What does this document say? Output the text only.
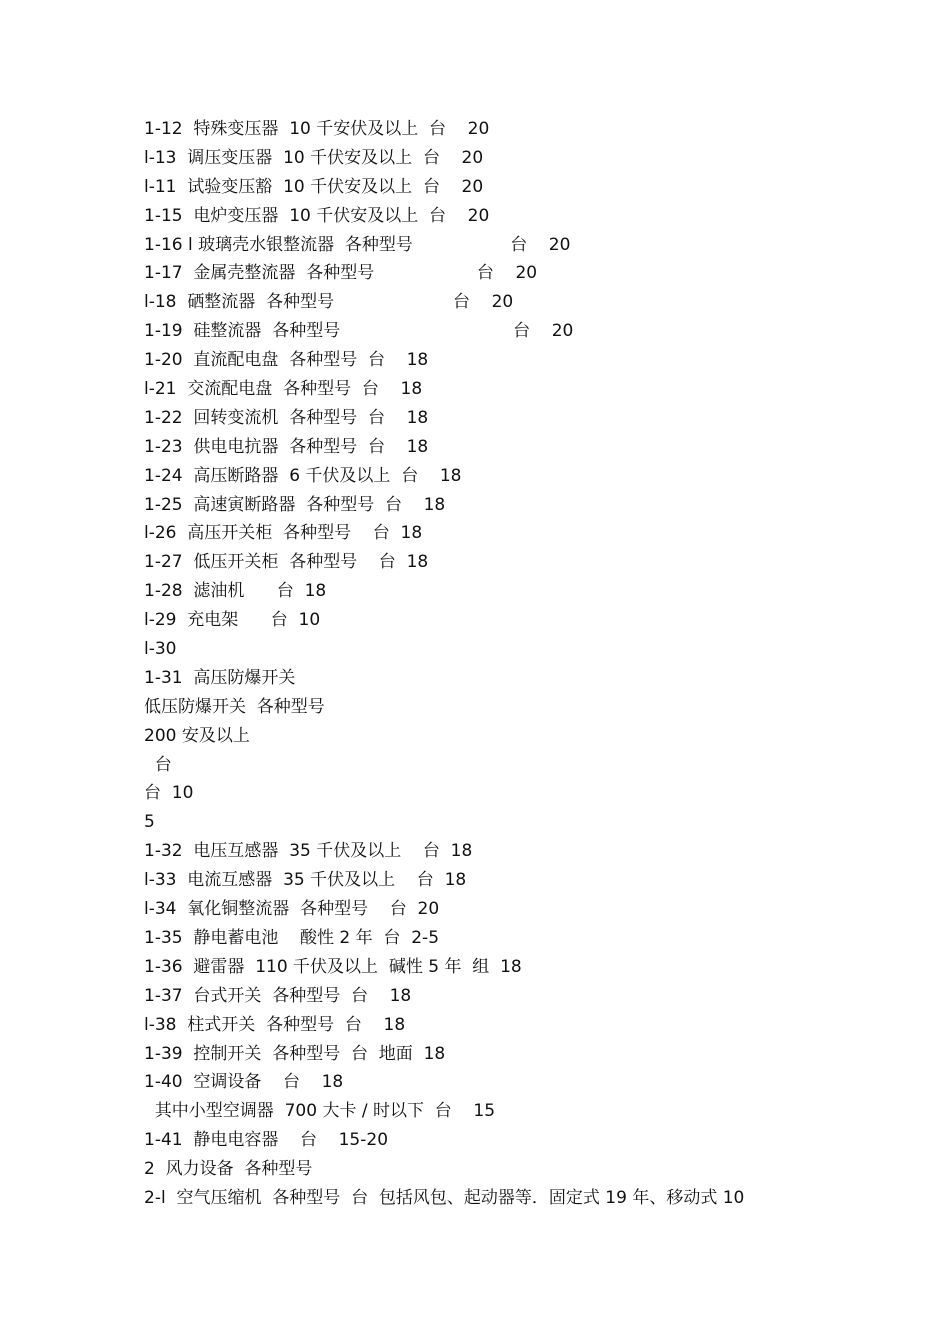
1-12  特殊变压器  10 千安伏及以上  台    20
l-13  调压变压器  10 千伏安及以上  台    20
l-11  试验变压豁  10 千伏安及以上  台    20
1-15  电炉变压器  10 千伏安及以上  台    20
1-16 l 玻璃壳水银整流器  各种型号                  台    20
1-17  金属壳整流器  各种型号                   台    20
l-18  硒整流器  各种型号                      台    20
1-19  硅整流器  各种型号                                台    20
1-20  直流配电盘  各种型号  台    18
l-21  交流配电盘  各种型号  台    18
1-22  回转变流机  各种型号  台    18
1-23  供电电抗器  各种型号  台    18
1-24  高压断路器  6 千伏及以上  台    18
1-25  高速寅断路器  各种型号  台    18
l-26  高压开关柜  各种型号    台  18
1-27  低压开关柜  各种型号    台  18
1-28  滤油机      台  18
l-29  充电架      台  10
l-30
1-31  高压防爆开关
低压防爆开关  各种型号
200 安及以上
台
台  10
5
1-32  电压互感器  35 千伏及以上    台  18
l-33  电流互感器  35 千伏及以上    台  18
l-34  氧化铜整流器  各种型号    台  20
1-35  静电蓄电池    酸性 2 年  台  2-5
1-36  避雷器  110 千伏及以上  碱性 5 年  组  18
1-37  台式开关  各种型号  台    18
l-38  柱式开关  各种型号  台    18
1-39  控制开关  各种型号  台  地面  18
1-40  空调设备    台    18
其中小型空调器  700 大卡 / 时以下  台    15
1-41  静电电容器    台    15-20
2  风力设备  各种型号
2-l  空气压缩机  各种型号  台  包括风包、起动器等．固定式 19 年、移动式 10
